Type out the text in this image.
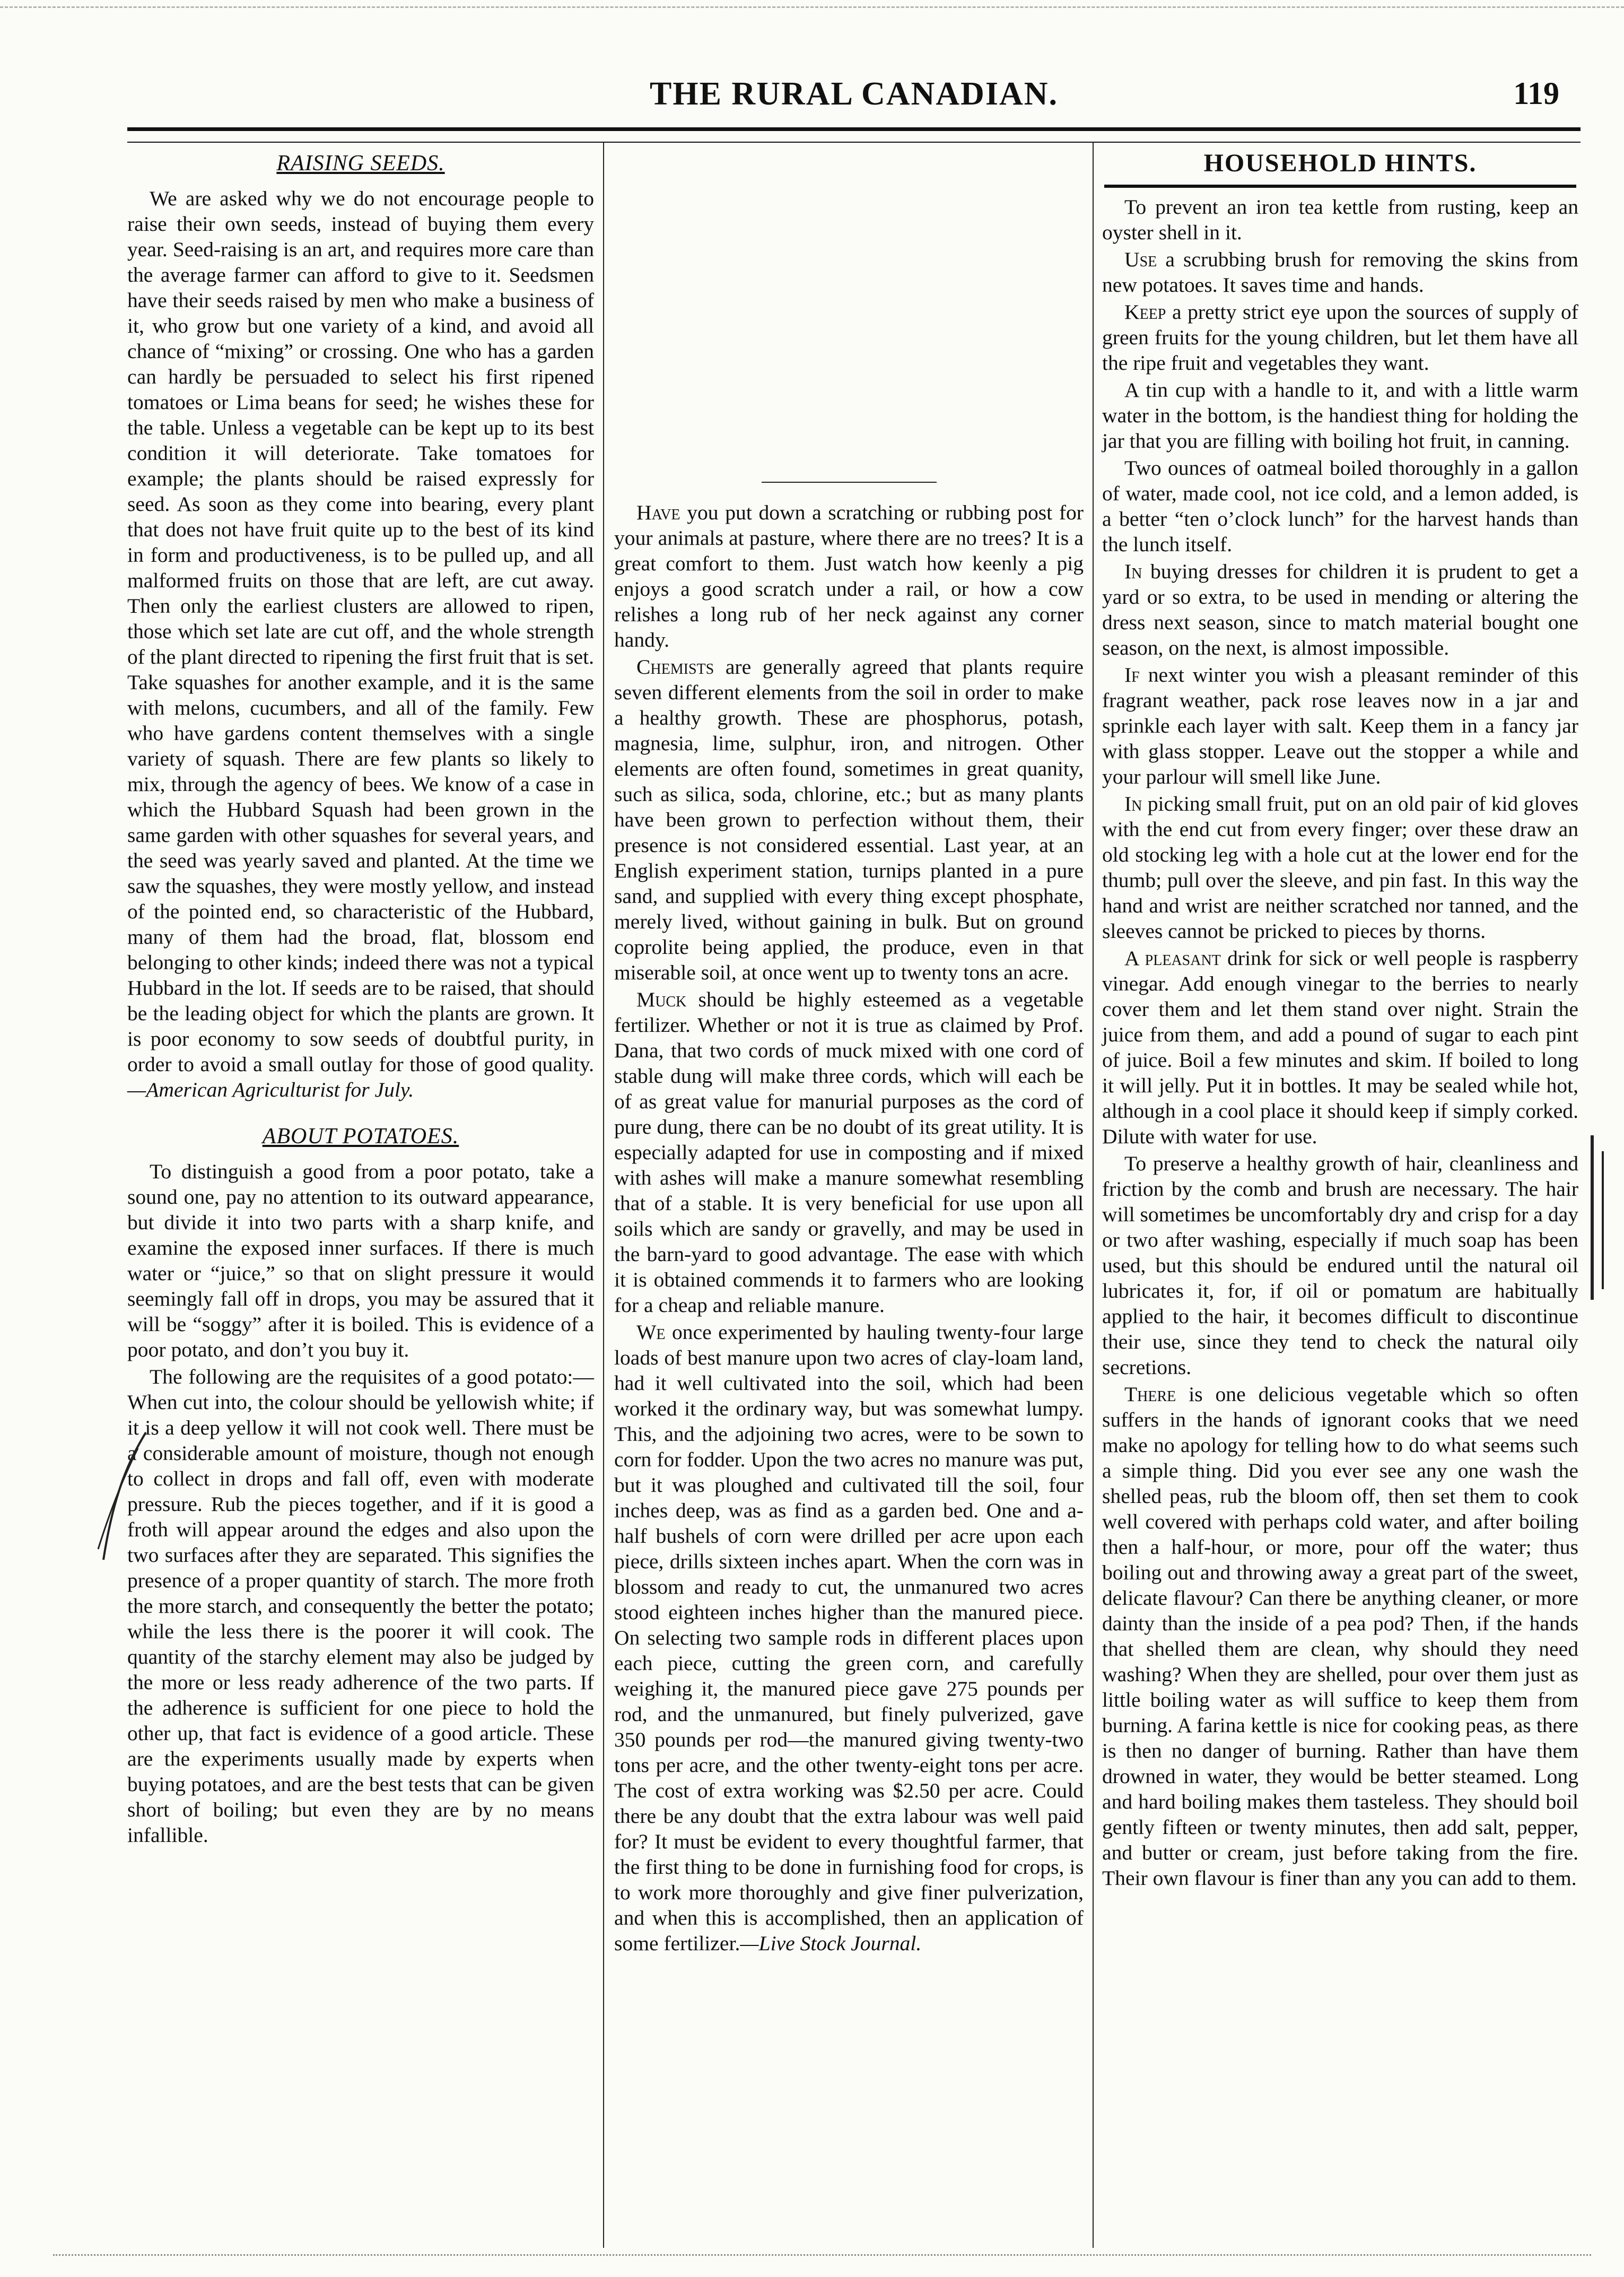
THE RURAL CANADIAN.	119
RAISING SEEDS.

We are asked why we do not encourage people to raise their own seeds, instead of buying them every year. Seed-raising is an art, and requires more care than the average farmer can afford to give to it. Seedsmen have their seeds raised by men who make a business of it, who grow but one variety of a kind, and avoid all chance of “mixing” or crossing. One who has a garden can hardly be persuaded to select his first ripened tomatoes or Lima beans for seed; he wishes these for the table. Unless a vegetable can be kept up to its best condition it will deteriorate. Take tomatoes for example; the plants should be raised expressly for seed. As soon as they come into bearing, every plant that does not have fruit quite up to the best of its kind in form and productiveness, is to be pulled up, and all malformed fruits on those that are left, are cut away. Then only the earliest clusters are allowed to ripen, those which set late are cut off, and the whole strength of the plant directed to ripening the first fruit that is set. Take squashes for another example, and it is the same with melons, cucumbers, and all of the family. Few who have gardens content themselves with a single variety of squash. There are few plants so likely to mix, through the agency of bees. We know of a case in which the Hubbard Squash had been grown in the same garden with other squashes for several years, and the seed was yearly saved and planted. At the time we saw the squashes, they were mostly yellow, and instead of the pointed end, so characteristic of the Hubbard, many of them had the broad, flat, blossom end belonging to other kinds; indeed there was not a typical Hubbard in the lot. If seeds are to be raised, that should be the leading object for which the plants are grown. It is poor economy to sow seeds of doubtful purity, in order to avoid a small outlay for those of good quality.—American Agriculturist for July.

ABOUT POTATOES.

To distinguish a good from a poor potato, take a sound one, pay no attention to its outward appearance, but divide it into two parts with a sharp knife, and examine the exposed inner surfaces. If there is much water or “juice,” so that on slight pressure it would seemingly fall off in drops, you may be assured that it will be “soggy” after it is boiled. This is evidence of a poor potato, and don’t you buy it.

The following are the requisites of a good potato:—When cut into, the colour should be yellowish white; if it is a deep yellow it will not cook well. There must be a considerable amount of moisture, though not enough to collect in drops and fall off, even with moderate pressure. Rub the pieces together, and if it is good a froth will appear around the edges and also upon the two surfaces after they are separated. This signifies the presence of a proper quantity of starch. The more froth the more starch, and consequently the better the potato; while the less there is the poorer it will cook. The quantity of the starchy element may also be judged by the more or less ready adherence of the two parts. If the adherence is sufficient for one piece to hold the other up, that fact is evidence of a good article. These are the experiments usually made by experts when buying potatoes, and are the best tests that can be given short of boiling; but even they are by no means infallible.

Have you put down a scratching or rubbing post for your animals at pasture, where there are no trees? It is a great comfort to them. Just watch how keenly a pig enjoys a good scratch under a rail, or how a cow relishes a long rub of her neck against any corner handy.

Chemists are generally agreed that plants require seven different elements from the soil in order to make a healthy growth. These are phosphorus, potash, magnesia, lime, sulphur, iron, and nitrogen. Other elements are often found, sometimes in great quanity, such as silica, soda, chlorine, etc.; but as many plants have been grown to perfection without them, their presence is not considered essential. Last year, at an English experiment station, turnips planted in a pure sand, and supplied with every thing except phosphate, merely lived, without gaining in bulk. But on ground coprolite being applied, the produce, even in that miserable soil, at once went up to twenty tons an acre.

Muck should be highly esteemed as a vegetable fertilizer. Whether or not it is true as claimed by Prof. Dana, that two cords of muck mixed with one cord of stable dung will make three cords, which will each be of as great value for manurial purposes as the cord of pure dung, there can be no doubt of its great utility. It is especially adapted for use in composting and if mixed with ashes will make a manure somewhat resembling that of a stable. It is very beneficial for use upon all soils which are sandy or gravelly, and may be used in the barn-yard to good advantage. The ease with which it is obtained commends it to farmers who are looking for a cheap and reliable manure.

We once experimented by hauling twenty-four large loads of best manure upon two acres of clay-loam land, had it well cultivated into the soil, which had been worked it the ordinary way, but was somewhat lumpy. This, and the adjoining two acres, were to be sown to corn for fodder. Upon the two acres no manure was put, but it was ploughed and cultivated till the soil, four inches deep, was as find as a garden bed. One and a-half bushels of corn were drilled per acre upon each piece, drills sixteen inches apart. When the corn was in blossom and ready to cut, the unmanured two acres stood eighteen inches higher than the manured piece. On selecting two sample rods in different places upon each piece, cutting the green corn, and carefully weighing it, the manured piece gave 275 pounds per rod, and the unmanured, but finely pulverized, gave 350 pounds per rod—the manured giving twenty-two tons per acre, and the other twenty-eight tons per acre. The cost of extra working was $2.50 per acre. Could there be any doubt that the extra labour was well paid for? It must be evident to every thoughtful farmer, that the first thing to be done in furnishing food for crops, is to work more thoroughly and give finer pulverization, and when this is accomplished, then an application of some fertilizer.—Live Stock Journal.

HOUSEHOLD HINTS.

To prevent an iron tea kettle from rusting, keep an oyster shell in it.

Use a scrubbing brush for removing the skins from new potatoes. It saves time and hands.

Keep a pretty strict eye upon the sources of supply of green fruits for the young children, but let them have all the ripe fruit and vegetables they want.

A tin cup with a handle to it, and with a little warm water in the bottom, is the handiest thing for holding the jar that you are filling with boiling hot fruit, in canning.

Two ounces of oatmeal boiled thoroughly in a gallon of water, made cool, not ice cold, and a lemon added, is a better “ten o’clock lunch” for the harvest hands than the lunch itself.

In buying dresses for children it is prudent to get a yard or so extra, to be used in mending or altering the dress next season, since to match material bought one season, on the next, is almost impossible.

If next winter you wish a pleasant reminder of this fragrant weather, pack rose leaves now in a jar and sprinkle each layer with salt. Keep them in a fancy jar with glass stopper. Leave out the stopper a while and your parlour will smell like June.

In picking small fruit, put on an old pair of kid gloves with the end cut from every finger; over these draw an old stocking leg with a hole cut at the lower end for the thumb; pull over the sleeve, and pin fast. In this way the hand and wrist are neither scratched nor tanned, and the sleeves cannot be pricked to pieces by thorns.

A pleasant drink for sick or well people is raspberry vinegar. Add enough vinegar to the berries to nearly cover them and let them stand over night. Strain the juice from them, and add a pound of sugar to each pint of juice. Boil a few minutes and skim. If boiled to long it will jelly. Put it in bottles. It may be sealed while hot, although in a cool place it should keep if simply corked. Dilute with water for use.

To preserve a healthy growth of hair, cleanliness and friction by the comb and brush are necessary. The hair will sometimes be uncomfortably dry and crisp for a day or two after washing, especially if much soap has been used, but this should be endured until the natural oil lubricates it, for, if oil or pomatum are habitually applied to the hair, it becomes difficult to discontinue their use, since they tend to check the natural oily secretions.

There is one delicious vegetable which so often suffers in the hands of ignorant cooks that we need make no apology for telling how to do what seems such a simple thing. Did you ever see any one wash the shelled peas, rub the bloom off, then set them to cook well covered with perhaps cold water, and after boiling then a half-hour, or more, pour off the water; thus boiling out and throwing away a great part of the sweet, delicate flavour? Can there be anything cleaner, or more dainty than the inside of a pea pod? Then, if the hands that shelled them are clean, why should they need washing? When they are shelled, pour over them just as little boiling water as will suffice to keep them from burning. A farina kettle is nice for cooking peas, as there is then no danger of burning. Rather than have them drowned in water, they would be better steamed. Long and hard boiling makes them tasteless. They should boil gently fifteen or twenty minutes, then add salt, pepper, and butter or cream, just before taking from the fire. Their own flavour is finer than any you can add to them.
